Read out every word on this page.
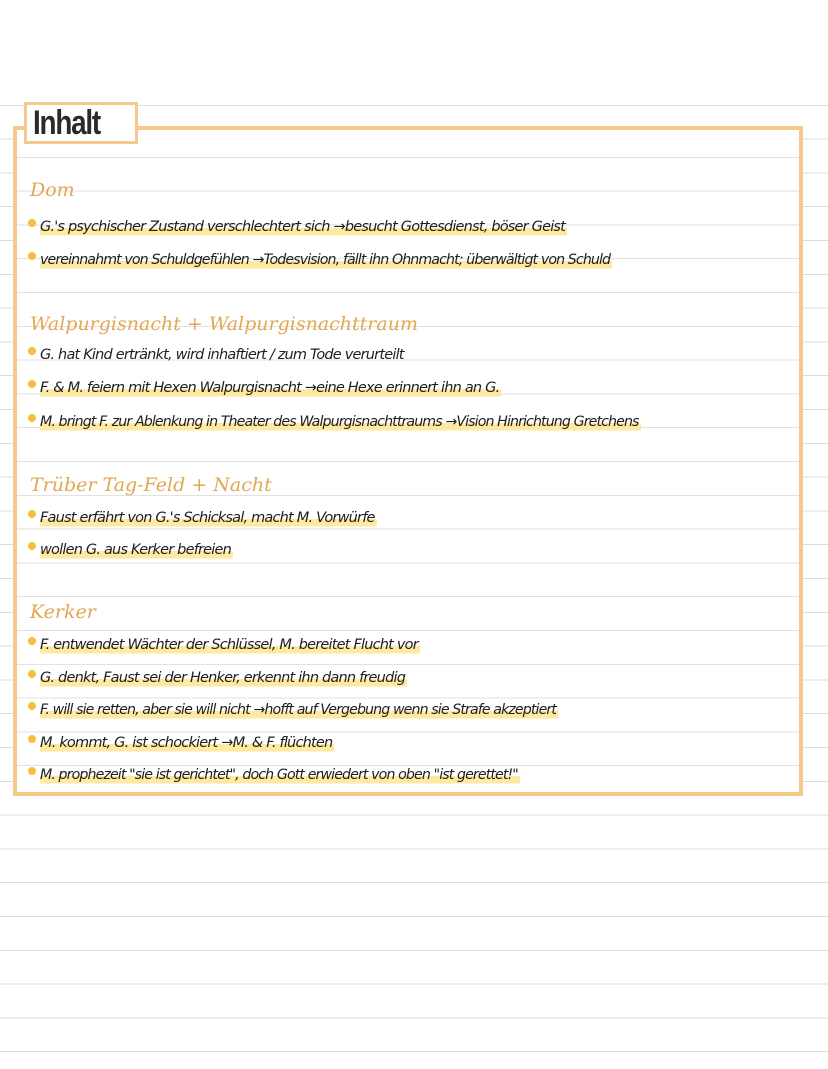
Inhalt
Dom
G.'s psychischer Zustand verschlechtert sich →besucht Gottesdienst, böser Geist
vereinnahmt von Schuldgefühlen →Todesvision, fällt ihn Ohnmacht; überwältigt von Schuld
Walpurgisnacht + Walpurgisnachttraum
G. hat Kind ertränkt, wird inhaftiert / zum Tode verurteilt
F. & M. feiern mit Hexen Walpurgisnacht →eine Hexe erinnert ihn an G.
M. bringt F. zur Ablenkung in Theater des Walpurgisnachttraums →Vision Hinrichtung Gretchens
Trüber Tag-Feld + Nacht
Faust erfährt von G.'s Schicksal, macht M. Vorwürfe
wollen G. aus Kerker befreien
Kerker
F. entwendet Wächter der Schlüssel, M. bereitet Flucht vor
G. denkt, Faust sei der Henker, erkennt ihn dann freudig
F. will sie retten, aber sie will nicht →hofft auf Vergebung wenn sie Strafe akzeptiert
M. kommt, G. ist schockiert →M. & F. flüchten
M. prophezeit "sie ist gerichtet", doch Gott erwiedert von oben "ist gerettet!"
